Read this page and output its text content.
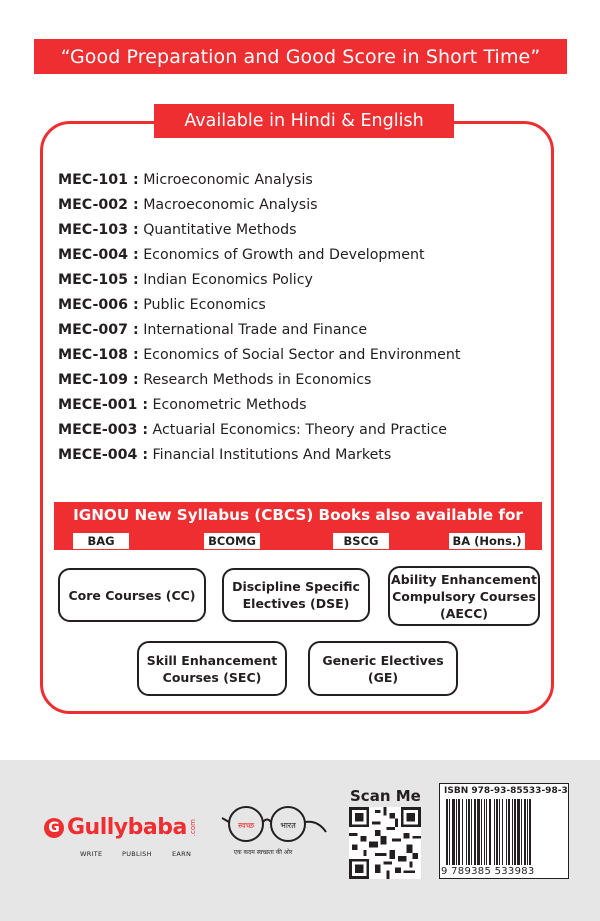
“Good Preparation and Good Score in Short Time”
Available in Hindi & English
MEC-101 : Microeconomic Analysis
MEC-002 : Macroeconomic Analysis
MEC-103 : Quantitative Methods
MEC-004 : Economics of Growth and Development
MEC-105 : Indian Economics Policy
MEC-006 : Public Economics
MEC-007 : International Trade and Finance
MEC-108 : Economics of Social Sector and Environment
MEC-109 : Research Methods in Economics
MECE-001 : Econometric Methods
MECE-003 : Actuarial Economics: Theory and Practice
MECE-004 : Financial Institutions And Markets
IGNOU New Syllabus (CBCS) Books also available for
BAG	BCOMG	BSCG	BA (Hons.)
Core Courses (CC)
Discipline Specific
Electives (DSE)
Ability Enhancement
Compulsory Courses
(AECC)
Skill Enhancement
Courses (SEC)
Generic Electives
(GE)
G Gullybaba .com
WRITE	PUBLISH	EARN
स्वच्छ	भारत
एक कदम स्वच्छता की ओर
Scan Me	ISBN 978-93-85533-98-3
9 789385 533983
